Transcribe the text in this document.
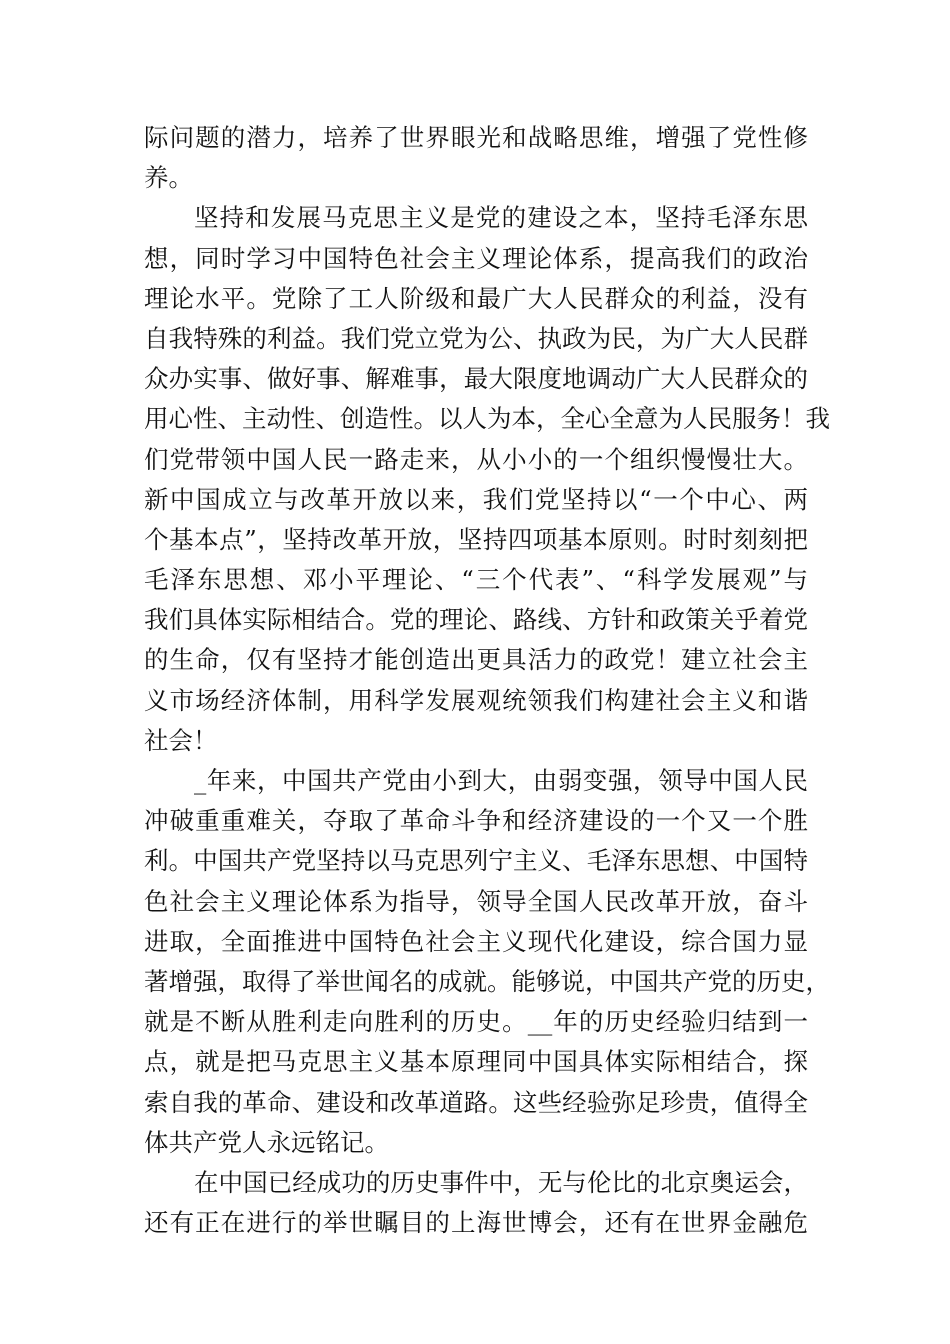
际问题的潜力，培养了世界眼光和战略思维，增强了党性修
养。
坚持和发展马克思主义是党的建设之本，坚持毛泽东思
想，同时学习中国特色社会主义理论体系，提高我们的政治
理论水平。党除了工人阶级和最广大人民群众的利益，没有
自我特殊的利益。我们党立党为公、执政为民，为广大人民群
众办实事、做好事、解难事，最大限度地调动广大人民群众的
用心性、主动性、创造性。以人为本，全心全意为人民服务！我
们党带领中国人民一路走来，从小小的一个组织慢慢壮大。
新中国成立与改革开放以来，我们党坚持以“一个中心、两
个基本点”，坚持改革开放，坚持四项基本原则。时时刻刻把
毛泽东思想、邓小平理论、“三个代表”、“科学发展观”与
我们具体实际相结合。党的理论、路线、方针和政策关乎着党
的生命，仅有坚持才能创造出更具活力的政党！建立社会主
义市场经济体制，用科学发展观统领我们构建社会主义和谐
社会！
_年来，中国共产党由小到大，由弱变强，领导中国人民
冲破重重难关，夺取了革命斗争和经济建设的一个又一个胜
利。中国共产党坚持以马克思列宁主义、毛泽东思想、中国特
色社会主义理论体系为指导，领导全国人民改革开放，奋斗
进取，全面推进中国特色社会主义现代化建设，综合国力显
著增强，取得了举世闻名的成就。能够说，中国共产党的历史，
就是不断从胜利走向胜利的历史。__年的历史经验归结到一
点，就是把马克思主义基本原理同中国具体实际相结合，探
索自我的革命、建设和改革道路。这些经验弥足珍贵，值得全
体共产党人永远铭记。
在中国已经成功的历史事件中，无与伦比的北京奥运会，
还有正在进行的举世瞩目的上海世博会，还有在世界金融危
